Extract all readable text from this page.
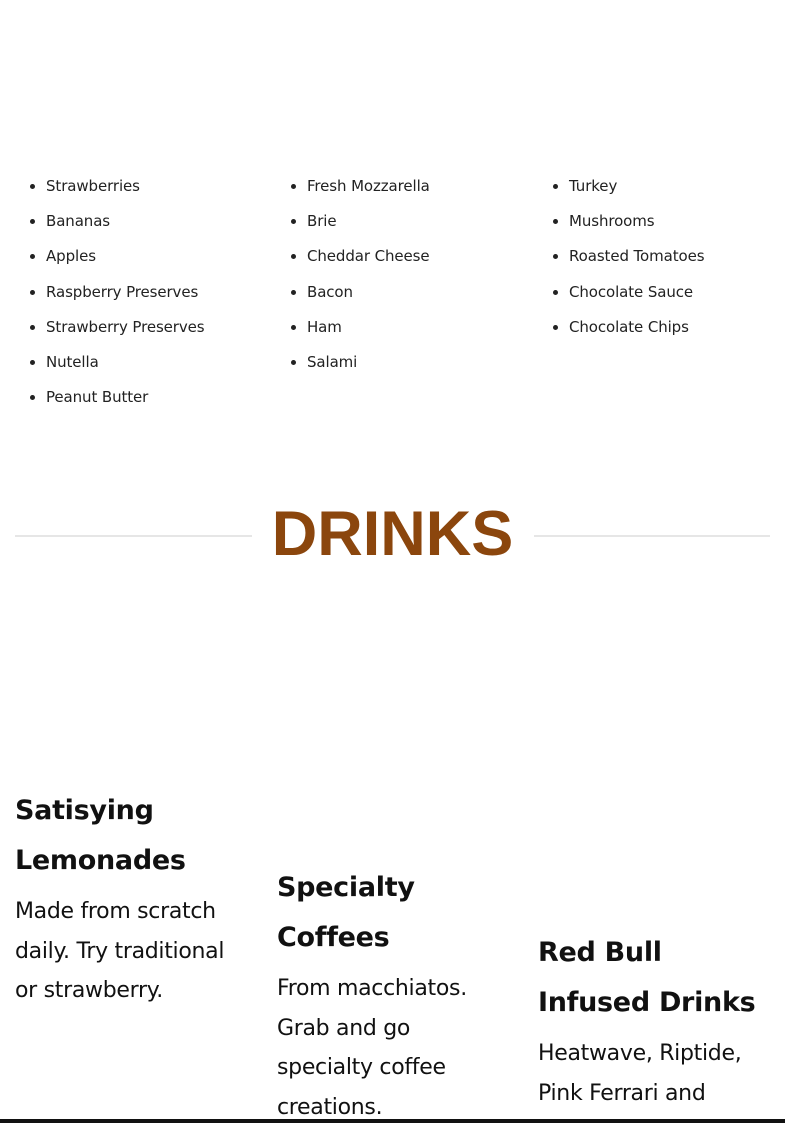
• Strawberries
• Bananas
• Apples
• Raspberry Preserves
• Strawberry Preserves
• Nutella
• Peanut Butter
• Fresh Mozzarella
• Brie
• Cheddar Cheese
• Bacon
• Ham
• Salami
• Turkey
• Mushrooms
• Roasted Tomatoes
• Chocolate Sauce
• Chocolate Chips
DRINKS
Satisying Lemonades

Made from scratch daily. Try traditional or strawberry.

Specialty Coffees

From macchiatos. Grab and go specialty coffee creations.

Red Bull Infused Drinks

Heatwave, Riptide, Pink Ferrari and
